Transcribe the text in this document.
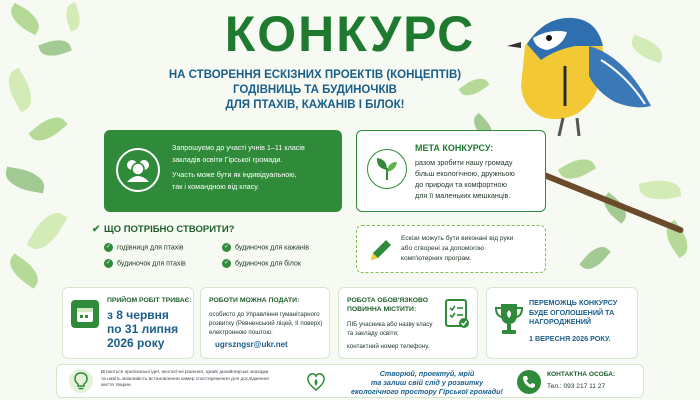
КОНКУРС
НА СТВОРЕННЯ ЕСКІЗНИХ ПРОЕКТІВ (КОНЦЕПТІВ)
ГОДІВНИЦЬ ТА БУДИНОЧКІВ
ДЛЯ ПТАХІВ, КАЖАНІВ І БІЛОК!
Запрошуємо до участі учнів 1–11 класів
закладів освіти Гірської громади.
Участь може бути як індивідуальною,
так і командною від класу.
МЕТА КОНКУРСУ:
разом зробити нашу громаду
більш екологічною, дружньою
до природи та комфортною
для її маленьких мешканців.
✔ ЩО ПОТРІБНО СТВОРИТИ?
✓ годівниця для птахів	✓ будиночок для кажанів
✓ будиночок для птахів	✓ будиночок для білок
Ескізи можуть бути виконані від руки
або створені за допомогою
комп'ютерних програм.
ПРИЙОМ РОБІТ ТРИВАЄ:
з 8 червня
по 31 липня
2026 року
РОБОТИ МОЖНА ПОДАТИ:
особисто до Управління гуманітарного
розвитку (Ревненський ліцей, II поверх)
електронною поштою:
ugrszngsr@ukr.net
РОБОТА ОБОВ'ЯЗКОВО
ПОВИННА МІСТИТИ:
ПІБ учасника або назву класу
та закладу освіти;
контактний номер телефону.
ПЕРЕМОЖЦЬ КОНКУРСУ
БУДЕ ОГОЛОШЕНИЙ ТА
НАГОРОДЖЕНИЙ
1 ВЕРЕСНЯ 2026 РОКУ.
Вітаються оригінальні ідеї, екологічні рішення, цікаві дизайнерські знахідки
та навіть можливість встановлення камер спостереження для дослідження
життя тварин.
Створюй, проектуй, мрій
та залиш свій слід у розвитку
екологічного простору Гірської громади!
КОНТАКТНА ОСОБА:
Тел.: 093 217 11 27
